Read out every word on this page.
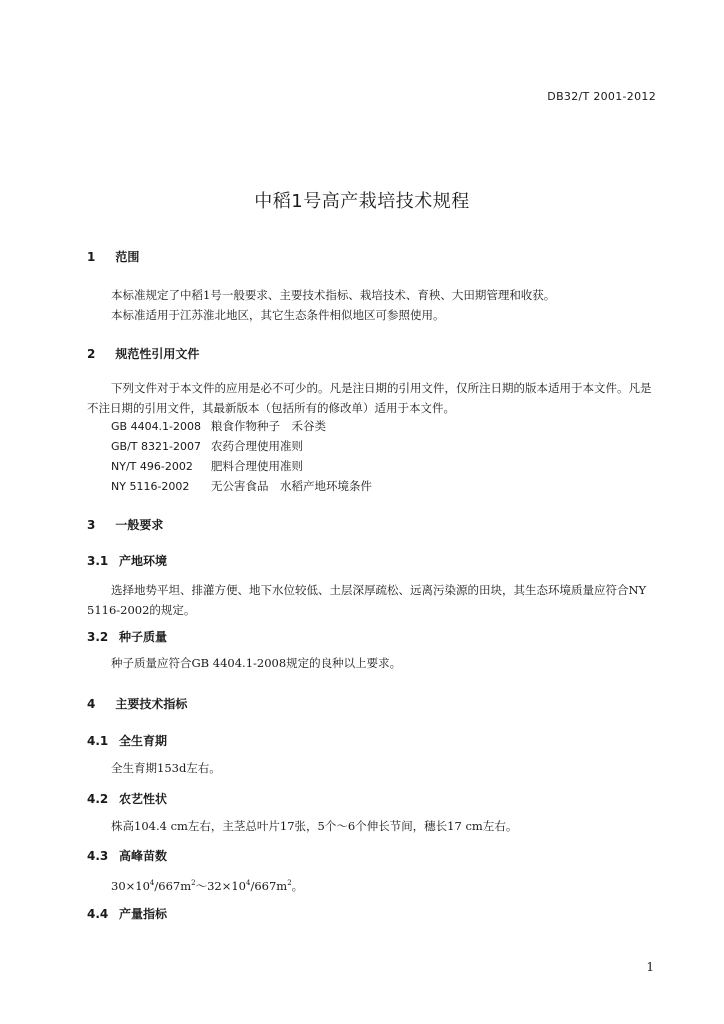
DB32/T 2001-2012
中稻1号高产栽培技术规程
1 范围
本标准规定了中稻1号一般要求、主要技术指标、栽培技术、育秧、大田期管理和收获。
本标准适用于江苏淮北地区，其它生态条件相似地区可参照使用。
2 规范性引用文件
下列文件对于本文件的应用是必不可少的。凡是注日期的引用文件，仅所注日期的版本适用于本文件。凡是不注日期的引用文件，其最新版本（包括所有的修改单）适用于本文件。
GB 4404.1-2008 粮食作物种子　禾谷类
GB/T 8321-2007 农药合理使用准则
NY/T 496-2002 肥料合理使用准则
NY 5116-2002 无公害食品　水稻产地环境条件
3 一般要求
3.1 产地环境
选择地势平坦、排灌方便、地下水位较低、土层深厚疏松、远离污染源的田块，其生态环境质量应符合NY 5116-2002的规定。
3.2 种子质量
种子质量应符合GB 4404.1-2008规定的良种以上要求。
4 主要技术指标
4.1 全生育期
全生育期153d左右。
4.2 农艺性状
株高104.4 cm左右，主茎总叶片17张，5个～6个伸长节间，穗长17 cm左右。
4.3 高峰苗数
$30\times 10^4/667m^2\sim 32\times 10^4/667m^2$。
4.4 产量指标
1
